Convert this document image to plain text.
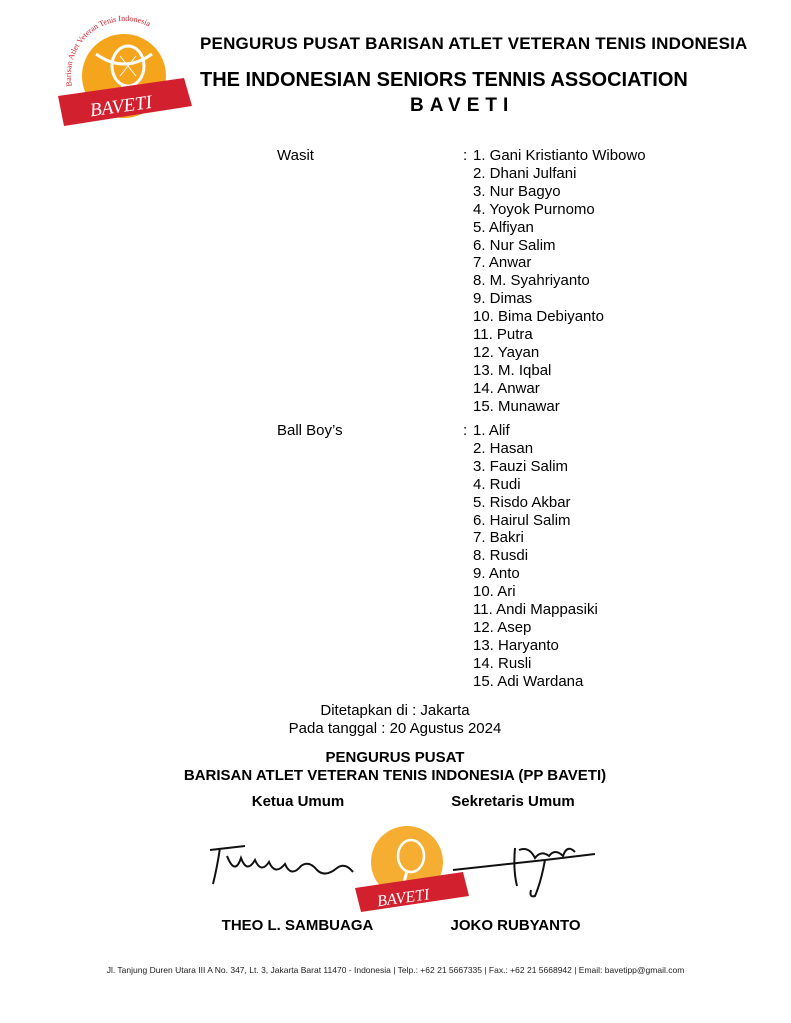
Barisan Atlet Veteran Tenis Indonesia
BAVETI
PENGURUS PUSAT BARISAN ATLET VETERAN TENIS INDONESIA
THE INDONESIAN SENIORS TENNIS ASSOCIATION
BAVETI
Wasit	: 1. Gani Kristianto Wibowo
2. Dhani Julfani
3. Nur Bagyo
4. Yoyok Purnomo
5. Alfiyan
6. Nur Salim
7. Anwar
8. M. Syahriyanto
9. Dimas
10. Bima Debiyanto
11. Putra
12. Yayan
13. M. Iqbal
14. Anwar
15. Munawar
Ball Boy’s	: 1. Alif
2. Hasan
3. Fauzi Salim
4. Rudi
5. Risdo Akbar
6. Hairul Salim
7. Bakri
8. Rusdi
9. Anto
10. Ari
11. Andi Mappasiki
12. Asep
13. Haryanto
14. Rusli
15. Adi Wardana
Ditetapkan di : Jakarta
Pada tanggal : 20 Agustus 2024
PENGURUS PUSAT
BARISAN ATLET VETERAN TENIS INDONESIA (PP BAVETI)
Ketua Umum	Sekretaris Umum
BAVETI
THEO L. SAMBUAGA	JOKO RUBYANTO
Jl. Tanjung Duren Utara III A No. 347, Lt. 3, Jakarta Barat 11470 - Indonesia | Telp.: +62 21 5667335 | Fax.: +62 21 5668942 | Email: bavetipp@gmail.com
